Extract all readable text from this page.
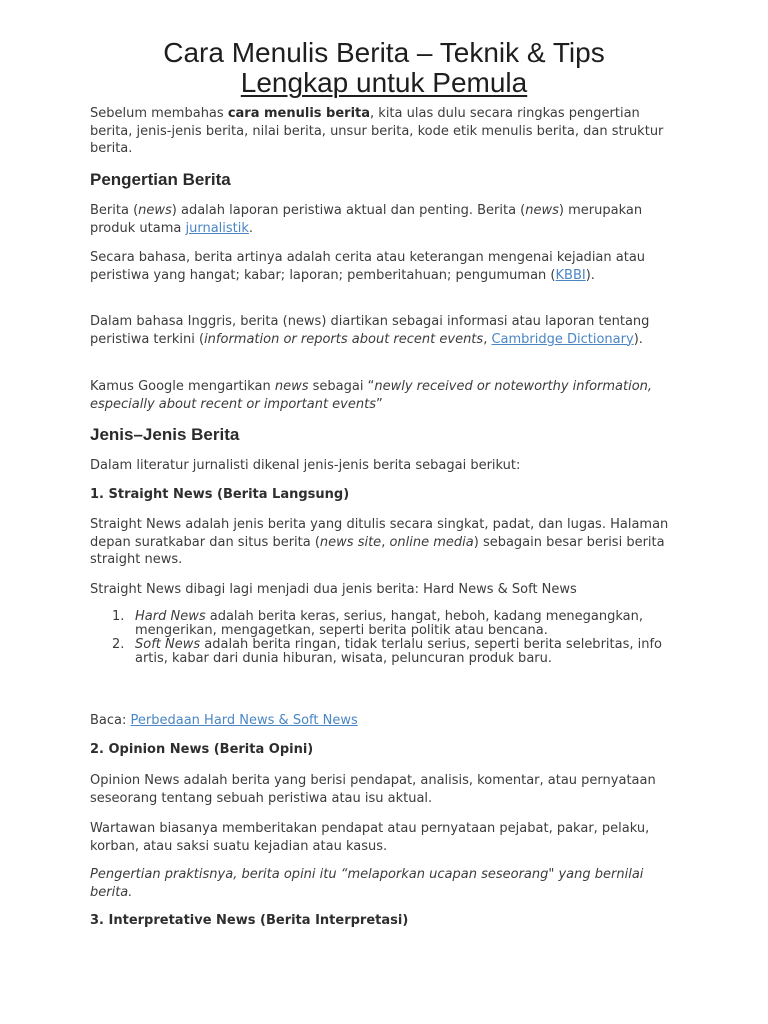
Cara Menulis Berita – Teknik & Tips
Lengkap untuk Pemula

Sebelum membahas cara menulis berita, kita ulas dulu secara ringkas pengertian berita, jenis-jenis berita, nilai berita, unsur berita, kode etik menulis berita, dan struktur berita.

Pengertian Berita

Berita (news) adalah laporan peristiwa aktual dan penting. Berita (news) merupakan produk utama jurnalistik.

Secara bahasa, berita artinya adalah cerita atau keterangan mengenai kejadian atau peristiwa yang hangat; kabar; laporan; pemberitahuan; pengumuman (KBBI).

Dalam bahasa Inggris, berita (news) diartikan sebagai informasi atau laporan tentang peristiwa terkini (information or reports about recent events, Cambridge Dictionary).

Kamus Google mengartikan news sebagai “newly received or noteworthy information, especially about recent or important events”

Jenis–Jenis Berita

Dalam literatur jurnalisti dikenal jenis-jenis berita sebagai berikut:

1. Straight News (Berita Langsung)

Straight News adalah jenis berita yang ditulis secara singkat, padat, dan lugas. Halaman depan suratkabar dan situs berita (news site, online media) sebagain besar berisi berita straight news.

Straight News dibagi lagi menjadi dua jenis berita: Hard News & Soft News

1. Hard News adalah berita keras, serius, hangat, heboh, kadang menegangkan, mengerikan, mengagetkan, seperti berita politik atau bencana.
2. Soft News adalah berita ringan, tidak terlalu serius, seperti berita selebritas, info artis, kabar dari dunia hiburan, wisata, peluncuran produk baru.

Baca: Perbedaan Hard News & Soft News

2. Opinion News (Berita Opini)

Opinion News adalah berita yang berisi pendapat, analisis, komentar, atau pernyataan seseorang tentang sebuah peristiwa atau isu aktual.

Wartawan biasanya memberitakan pendapat atau pernyataan pejabat, pakar, pelaku, korban, atau saksi suatu kejadian atau kasus.

Pengertian praktisnya, berita opini itu “melaporkan ucapan seseorang" yang bernilai berita.

3. Interpretative News (Berita Interpretasi)
